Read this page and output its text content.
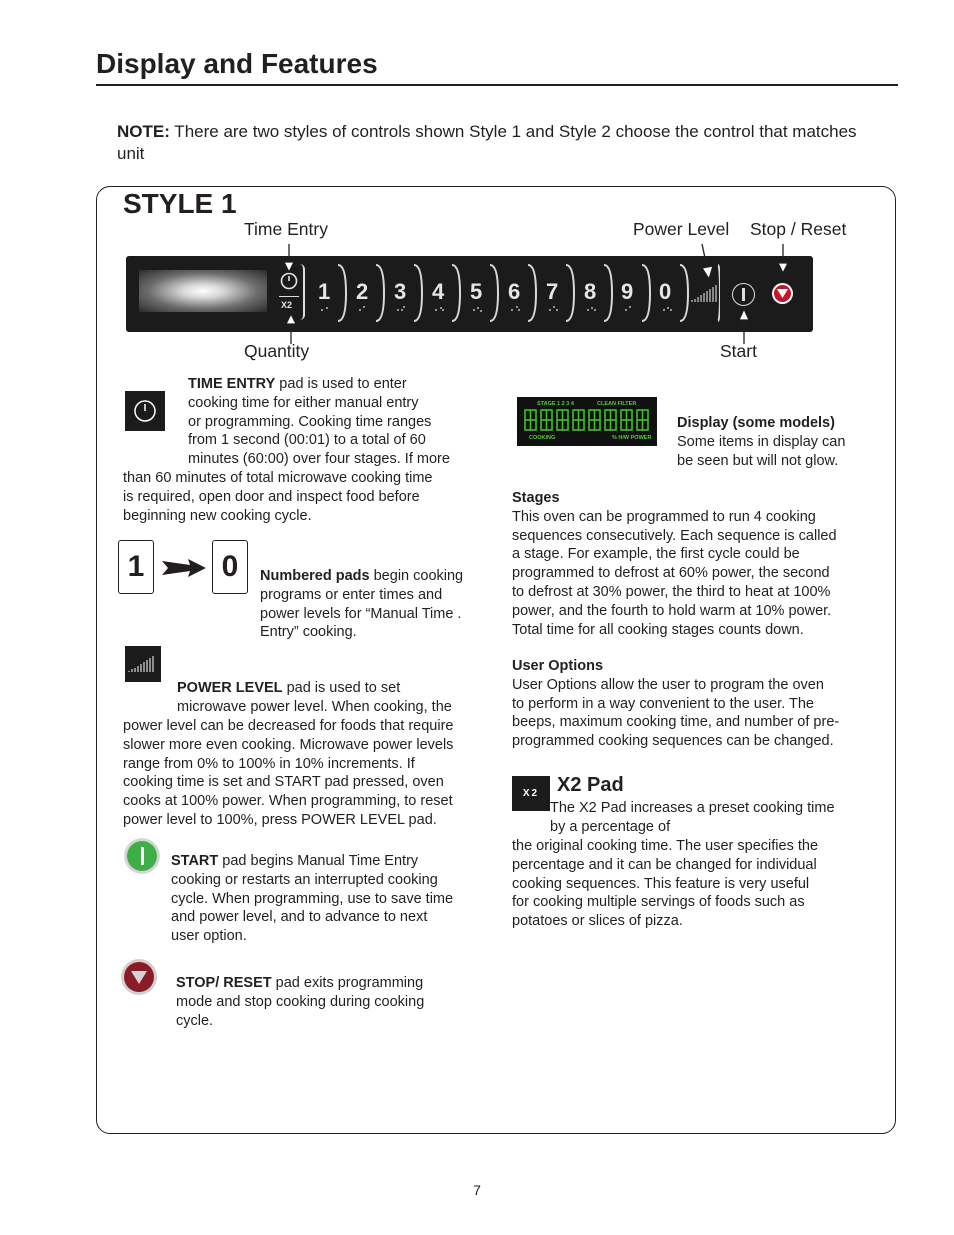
Display and Features
NOTE: There are two styles of controls shown Style 1 and Style 2 choose the control that matches unit
STYLE 1
Time Entry	Power Level Stop / Reset
Quantity	Start
X2
1 2 3 4 5 6 7 8 9 0
TIME ENTRY pad is used to enter
cooking time for either manual entry
or programming. Cooking time ranges
from 1 second (00:01) to a total of 60
minutes (60:00) over four stages. If more
than 60 minutes of total microwave cooking time
is required, open door and inspect food before
beginning new cooking cycle.
1	0	Numbered pads begin cooking
programs or enter times and
power levels for “Manual Time .
Entry” cooking.
POWER LEVEL pad is used to set
microwave power level. When cooking, the
power level can be decreased for foods that require
slower more even cooking. Microwave power levels
range from 0% to 100% in 10% increments. If
cooking time is set and START pad pressed, oven
cooks at 100% power. When programming, to reset
power level to 100%, press POWER LEVEL pad.
START pad begins Manual Time Entry
cooking or restarts an interrupted cooking
cycle. When programming, use to save time
and power level, and to advance to next
user option.
STOP/ RESET pad exits programming
mode and stop cooking during cooking
cycle.
STAGE 1 2 3 4	CLEAN FILTER
COOKING	% H/W POWER
Display (some models)
Some items in display can
be seen but will not glow.
Stages
This oven can be programmed to run 4 cooking
sequences consecutively. Each sequence is called
a stage. For example, the first cycle could be
programmed to defrost at 60% power, the second
to defrost at 30% power, the third to heat at 100%
power, and the fourth to hold warm at 10% power.
Total time for all cooking stages counts down.
User Options
User Options allow the user to program the oven
to perform in a way convenient to the user. The
beeps, maximum cooking time, and number of pre-
programmed cooking sequences can be changed.
X2 X2 Pad
The X2 Pad increases a preset cooking time
by a percentage of
the original cooking time. The user specifies the
percentage and it can be changed for individual
cooking sequences. This feature is very useful
for cooking multiple servings of foods such as
potatoes or slices of pizza.
7
